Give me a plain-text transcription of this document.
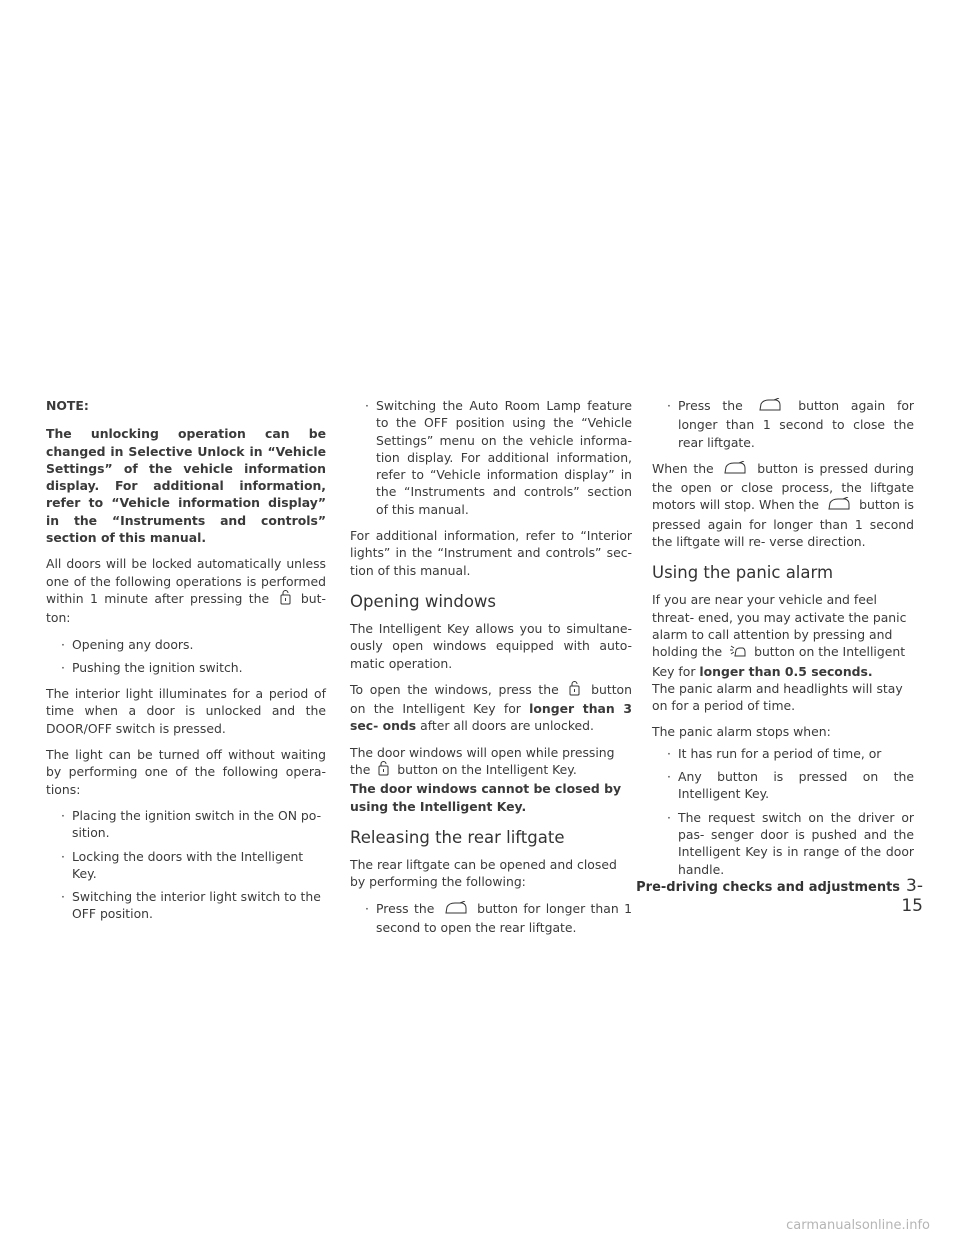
NOTE:

The unlocking operation can be changed in Selective Unlock in “Vehicle Settings” of the vehicle information display. For additional information, refer to “Vehicle information display” in the “Instruments and controls” section of this manual.

All doors will be locked automatically unless one of the following operations is performed within 1 minute after pressing the	but- ton:

· Opening any doors.
· Pushing the ignition switch.

The interior light illuminates for a period of time when a door is unlocked and the DOOR/OFF switch is pressed.

The light can be turned off without waiting by performing one of the following opera- tions:

· Placing the ignition switch in the ON po- sition.
· Locking the doors with the Intelligent Key.
· Switching the interior light switch to the OFF position.
· Switching the Auto Room Lamp feature to the OFF position using the “Vehicle Settings” menu on the vehicle informa- tion display. For additional information, refer to “Vehicle information display” in the “Instruments and controls” section of this manual.

For additional information, refer to “Interior lights” in the “Instrument and controls” sec- tion of this manual.

Opening windows

The Intelligent Key allows you to simultane- ously open windows equipped with auto- matic operation.

To open the windows, press the	button on the Intelligent Key for longer than 3 sec- onds after all doors are unlocked.

The door windows will open while pressing the button on the Intelligent Key.

The door windows cannot be closed by using the Intelligent Key.

Releasing the rear liftgate

The rear liftgate can be opened and closed by performing the following:

· Press the	button for longer than 1 second to open the rear liftgate.
· Press the	button again for longer than 1 second to close the rear liftgate.

When the	button is pressed during the open or close process, the liftgate motors will stop. When the	button is pressed again for longer than 1 second the liftgate will re- verse direction.

Using the panic alarm

If you are near your vehicle and feel threat- ened, you may activate the panic alarm to call attention by pressing and holding the	button on the Intelligent Key for longer than 0.5 seconds.

The panic alarm and headlights will stay on for a period of time.

The panic alarm stops when:

· It has run for a period of time, or
· Any button is pressed on the Intelligent Key.
· The request switch on the driver or pas- senger door is pushed and the Intelligent Key is in range of the door handle.
Pre-driving checks and adjustments 3-15
carmanualsonline.info
